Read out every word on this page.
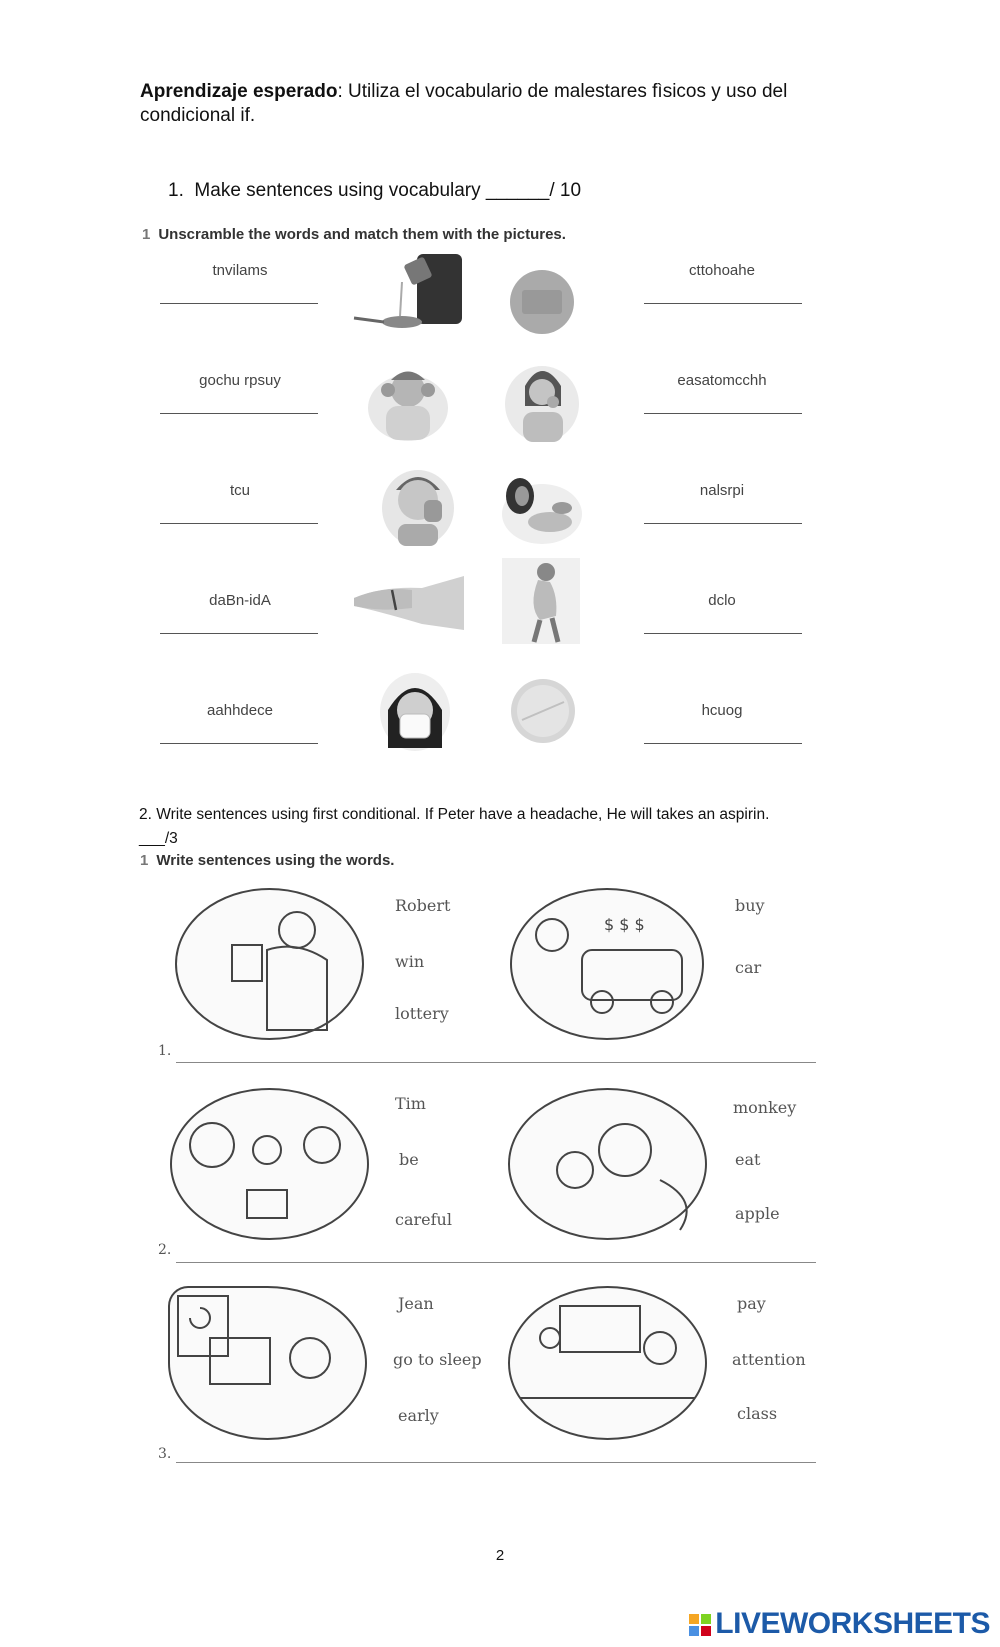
Aprendizaje esperado: Utiliza el vocabulario de malestares fìsicos y uso del condicional if.
1. Make sentences using vocabulary ______/ 10
1 Unscramble the words and match them with the pictures.
tnvilams	cttohoahe
gochu rpsuy	easatomcchh
tcu	nalsrpi
daBn-idA	dclo
aahhdece	hcuog
2. Write sentences using first conditional. If Peter have a headache, He will takes an aspirin.
___/3
1 Write sentences using the words.
Robert
win
lottery
$ $ $
buy
car
1.
Tim
be
careful
monkey
eat
apple
2.
Jean
go to sleep
early
pay
attention
class
3.
2
LIVEWORKSHEETS
